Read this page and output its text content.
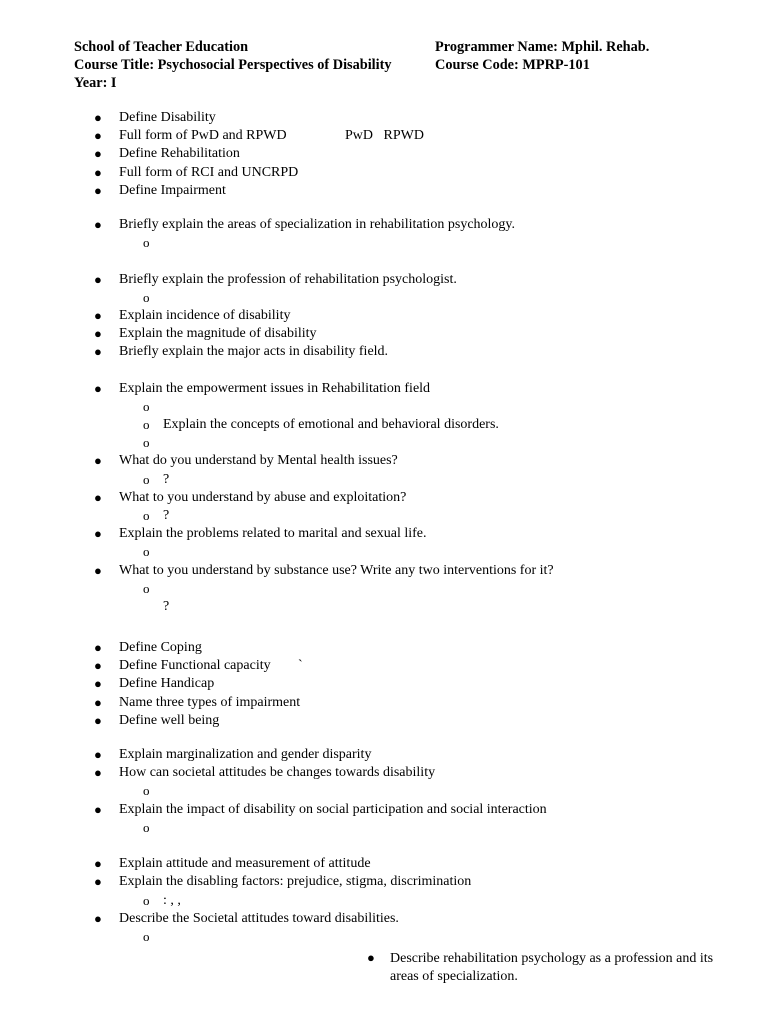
School of Teacher Education
Course Title: Psychosocial Perspectives of Disability
Year: I
Programmer Name: Mphil. Rehab.
Course Code: MPRP-101
● Define Disability
● Full form of PwD and RPWD	PwD   RPWD
● Define Rehabilitation
● Full form of RCI and UNCRPD
● Define Impairment
● Briefly explain the areas of specialization in rehabilitation psychology.
o
● Briefly explain the profession of rehabilitation psychologist.
o
● Explain incidence of disability
● Explain the magnitude of disability
● Briefly explain the major acts in disability field.
● Explain the empowerment issues in Rehabilitation field
o
o Explain the concepts of emotional and behavioral disorders.
o
● What do you understand by Mental health issues?
o ?
● What to you understand by abuse and exploitation?
o ?
● Explain the problems related to marital and sexual life.
o
● What to you understand by substance use? Write any two interventions for it?
o
?
● Define Coping
● Define Functional capacity `
● Define Handicap
● Name three types of impairment
● Define well being
● Explain marginalization and gender disparity
● How can societal attitudes be changes towards disability
o
● Explain the impact of disability on social participation and social interaction
o
● Explain attitude and measurement of attitude
● Explain the disabling factors: prejudice, stigma, discrimination
o : , ,
● Describe the Societal attitudes toward disabilities.
o
● Describe rehabilitation psychology as a profession and its areas of specialization.
